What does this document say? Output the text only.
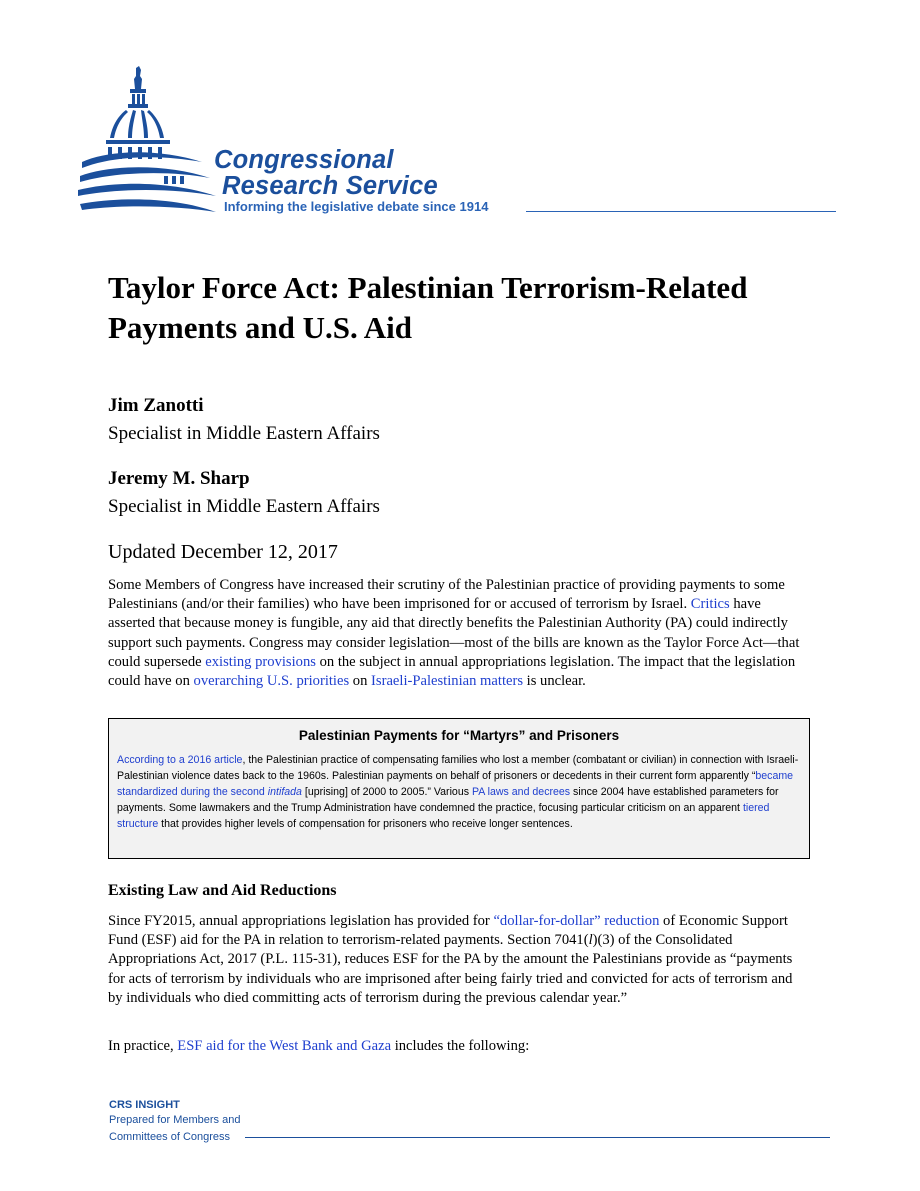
Congressional
Research Service
Informing the legislative debate since 1914
Taylor Force Act: Palestinian Terrorism-Related Payments and U.S. Aid
Jim Zanotti
Specialist in Middle Eastern Affairs
Jeremy M. Sharp
Specialist in Middle Eastern Affairs
Updated December 12, 2017

Some Members of Congress have increased their scrutiny of the Palestinian practice of providing payments to some Palestinians (and/or their families) who have been imprisoned for or accused of terrorism by Israel. Critics have asserted that because money is fungible, any aid that directly benefits the Palestinian Authority (PA) could indirectly support such payments. Congress may consider legislation—most of the bills are known as the Taylor Force Act—that could supersede existing provisions on the subject in annual appropriations legislation. The impact that the legislation could have on overarching U.S. priorities on Israeli-Palestinian matters is unclear.

Palestinian Payments for “Martyrs” and Prisoners

According to a 2016 article, the Palestinian practice of compensating families who lost a member (combatant or civilian) in connection with Israeli-Palestinian violence dates back to the 1960s. Palestinian payments on behalf of prisoners or decedents in their current form apparently “became standardized during the second intifada [uprising] of 2000 to 2005.” Various PA laws and decrees since 2004 have established parameters for payments. Some lawmakers and the Trump Administration have condemned the practice, focusing particular criticism on an apparent tiered structure that provides higher levels of compensation for prisoners who receive longer sentences.

Existing Law and Aid Reductions

Since FY2015, annual appropriations legislation has provided for “dollar-for-dollar” reduction of Economic Support Fund (ESF) aid for the PA in relation to terrorism-related payments. Section 7041(l)(3) of the Consolidated Appropriations Act, 2017 (P.L. 115-31), reduces ESF for the PA by the amount the Palestinians provide as “payments for acts of terrorism by individuals who are imprisoned after being fairly tried and convicted for acts of terrorism and by individuals who died committing acts of terrorism during the previous calendar year.”

In practice, ESF aid for the West Bank and Gaza includes the following:

CRS INSIGHT
Prepared for Members and
Committees of Congress
